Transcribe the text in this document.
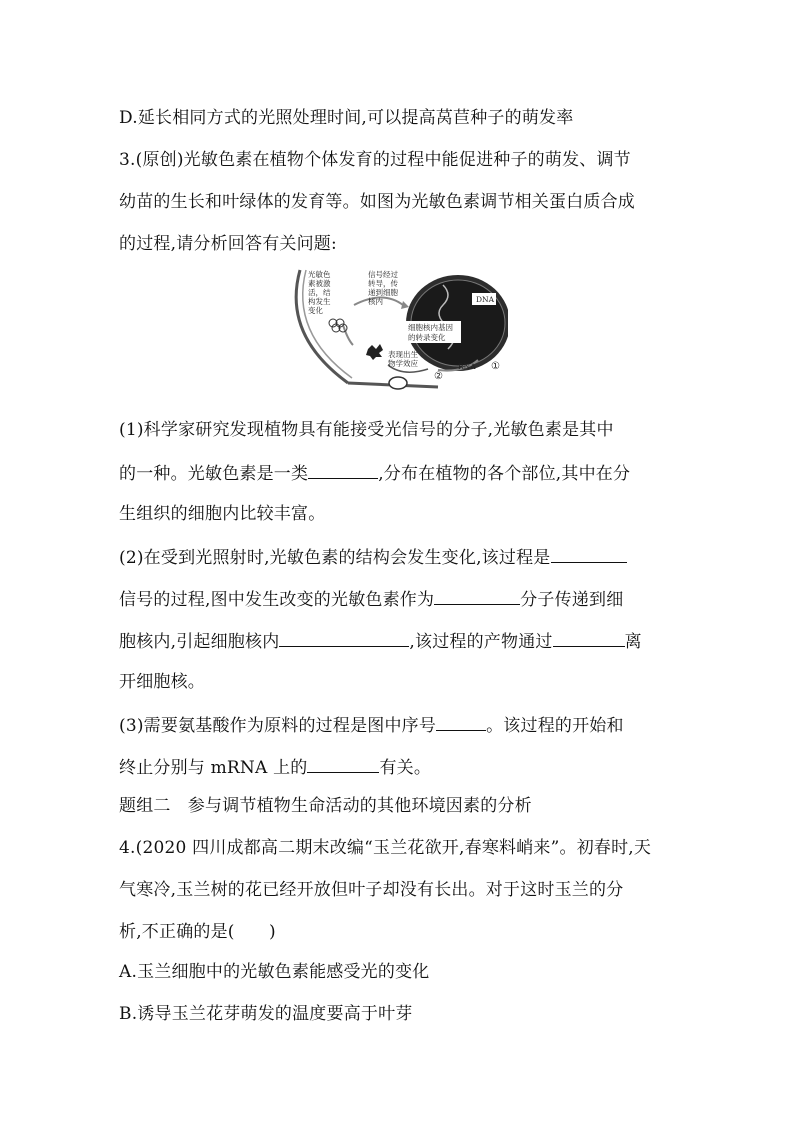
D.延长相同方式的光照处理时间,可以提高莴苣种子的萌发率
3.(原创)光敏色素在植物个体发育的过程中能促进种子的萌发、调节
幼苗的生长和叶绿体的发育等。如图为光敏色素调节相关蛋白质合成
的过程,请分析回答有关问题:
光敏色
素被激
活，结
构发生
变化
信号经过
转导，传
递到细胞
核内	DNA
细胞核内基因
的转录变化
表现出生
物学效应	RNA ①
②
(1)科学家研究发现植物具有能接受光信号的分子,光敏色素是其中
的一种。光敏色素是一类	,分布在植物的各个部位,其中在分
生组织的细胞内比较丰富。
(2)在受到光照射时,光敏色素的结构会发生变化,该过程是
信号的过程,图中发生改变的光敏色素作为	分子传递到细
胞核内,引起细胞核内	,该过程的产物通过	离
开细胞核。
(3)需要氨基酸作为原料的过程是图中序号	。该过程的开始和
终止分别与 mRNA 上的	有关。
题组二　参与调节植物生命活动的其他环境因素的分析
4.(2020 四川成都高二期末改编“玉兰花欲开,春寒料峭来”。初春时,天
气寒冷,玉兰树的花已经开放但叶子却没有长出。对于这时玉兰的分
析,不正确的是(　　)
A.玉兰细胞中的光敏色素能感受光的变化
B.诱导玉兰花芽萌发的温度要高于叶芽
